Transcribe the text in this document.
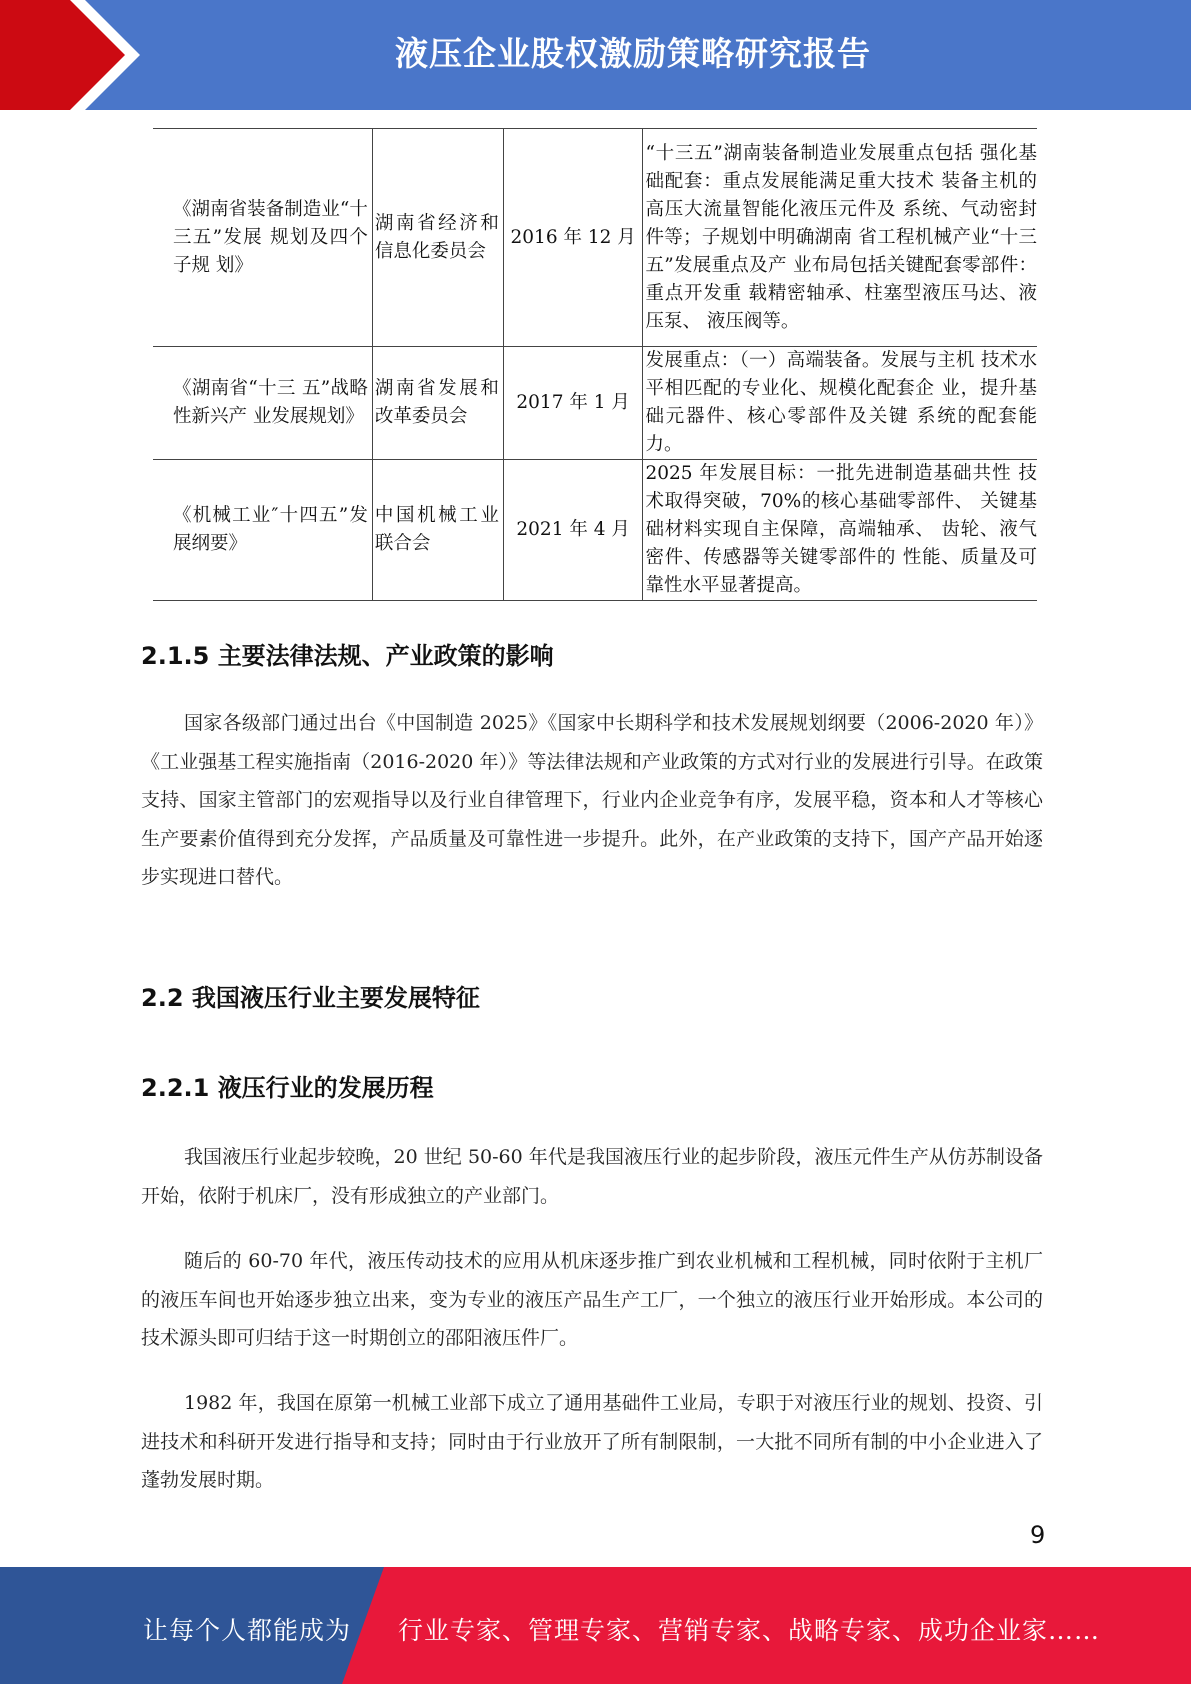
液压企业股权激励策略研究报告
《湖南省装备制造业“十三五”发展 规划及四个子规 划》	湖南省经济和信息化委员会	2016 年 12 月	“十三五”湖南装备制造业发展重点包括 强化基础配套：重点发展能满足重大技术 装备主机的高压大流量智能化液压元件及 系统、气动密封件等；子规划中明确湖南 省工程机械产业“十三五”发展重点及产 业布局包括关键配套零部件：重点开发重 载精密轴承、柱塞型液压马达、液压泵、 液压阀等。
《湖南省“十三 五”战略性新兴产 业发展规划》	湖南省发展和改革委员会	2017 年 1 月	发展重点：（一）高端装备。发展与主机 技术水平相匹配的专业化、规模化配套企 业，提升基础元器件、核心零部件及关键 系统的配套能力。
《机械工业″十四五”发展纲要》	中国机械工业联合会	2021 年 4 月	2025 年发展目标：一批先进制造基础共性 技术取得突破，70%的核心基础零部件、 关键基础材料实现自主保障，高端轴承、 齿轮、液气密件、传感器等关键零部件的 性能、质量及可靠性水平显著提高。
2.1.5 主要法律法规、产业政策的影响

国家各级部门通过出台《中国制造 2025》《国家中长期科学和技术发展规划纲要（2006-2020 年）》《工业强基工程实施指南（2016-2020 年）》等法律法规和产业政策的方式对行业的发展进行引导。在政策支持、国家主管部门的宏观指导以及行业自律管理下，行业内企业竞争有序，发展平稳，资本和人才等核心生产要素价值得到充分发挥，产品质量及可靠性进一步提升。此外，在产业政策的支持下，国产产品开始逐步实现进口替代。

2.2 我国液压行业主要发展特征
2.2.1 液压行业的发展历程

我国液压行业起步较晚，20 世纪 50-60 年代是我国液压行业的起步阶段，液压元件生产从仿苏制设备开始，依附于机床厂，没有形成独立的产业部门。

随后的 60-70 年代，液压传动技术的应用从机床逐步推广到农业机械和工程机械，同时依附于主机厂的液压车间也开始逐步独立出来，变为专业的液压产品生产工厂，一个独立的液压行业开始形成。本公司的技术源头即可归结于这一时期创立的邵阳液压件厂。

1982 年，我国在原第一机械工业部下成立了通用基础件工业局，专职于对液压行业的规划、投资、引进技术和科研开发进行指导和支持；同时由于行业放开了所有制限制，一大批不同所有制的中小企业进入了蓬勃发展时期。

9
让每个人都能成为 行业专家、管理专家、营销专家、战略专家、成功企业家……
